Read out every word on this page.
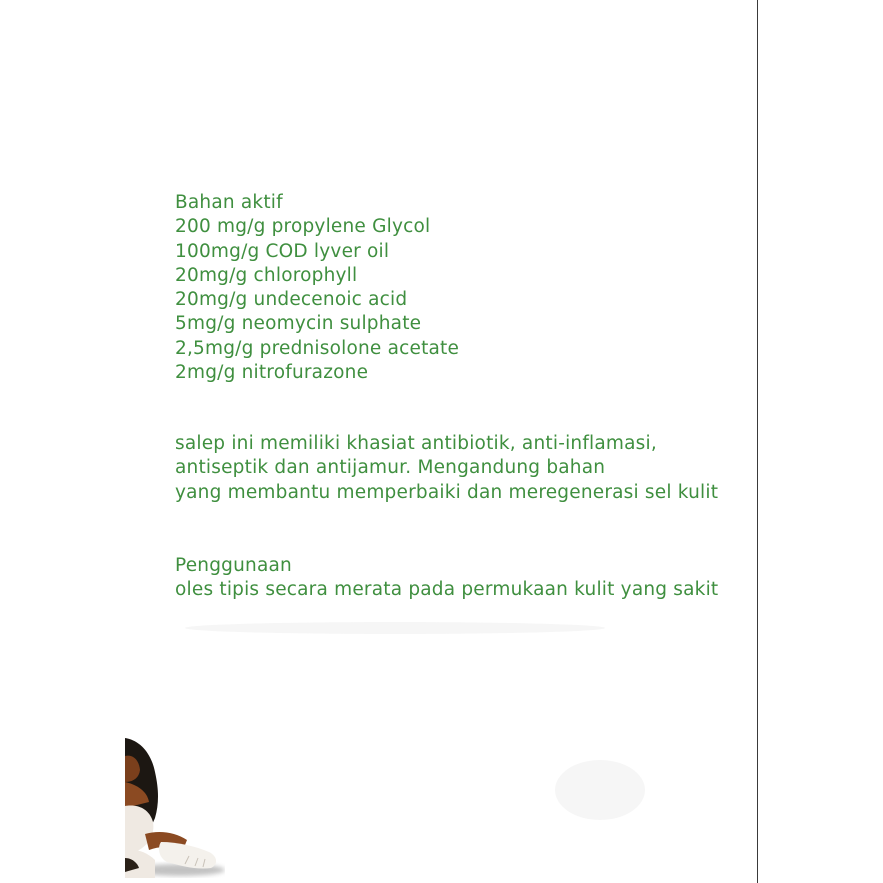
Bahan aktif
200 mg/g propylene Glycol
100mg/g COD lyver oil
20mg/g chlorophyll
20mg/g undecenoic acid
5mg/g neomycin sulphate
2,5mg/g prednisolone acetate
2mg/g nitrofurazone
salep ini memiliki khasiat antibiotik, anti-inflamasi,
antiseptik dan antijamur. Mengandung bahan
yang membantu memperbaiki dan meregenerasi sel kulit
Penggunaan
oles tipis secara merata pada permukaan kulit yang sakit
